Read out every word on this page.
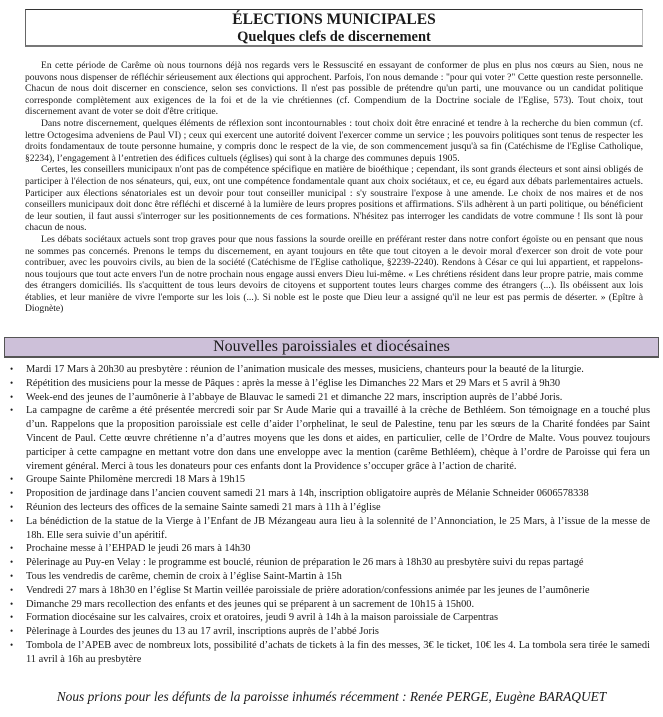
ÉLECTIONS MUNICIPALES
Quelques clefs de discernement

En cette période de Carême où nous tournons déjà nos regards vers le Ressuscité en essayant de conformer de plus en plus nos cœurs au Sien, nous ne pouvons nous dispenser de réfléchir sérieusement aux élections qui approchent. Parfois, l'on nous demande : "pour qui voter ?" Cette question reste personnelle. Chacun de nous doit discerner en conscience, selon ses convictions. Il n'est pas possible de prétendre qu'un parti, une mouvance ou un candidat politique corresponde complètement aux exigences de la foi et de la vie chrétiennes (cf. Compendium de la Doctrine sociale de l'Eglise, 573). Tout choix, tout discernement avant de voter se doit d'être critique.

Dans notre discernement, quelques éléments de réflexion sont incontournables : tout choix doit être enraciné et tendre à la recherche du bien commun (cf. lettre Octogesima adveniens de Paul VI) ; ceux qui exercent une autorité doivent l'exercer comme un service ; les pouvoirs politiques sont tenus de respecter les droits fondamentaux de toute personne humaine, y compris donc le respect de la vie, de son commencement jusqu'à sa fin (Catéchisme de l'Eglise Catholique, §2234), l’engagement à l’entretien des édifices cultuels (églises) qui sont à la charge des communes depuis 1905.

Certes, les conseillers municipaux n'ont pas de compétence spécifique en matière de bioéthique ; cependant, ils sont grands électeurs et sont ainsi obligés de participer à l'élection de nos sénateurs, qui, eux, ont une compétence fondamentale quant aux choix sociétaux, et ce, eu égard aux débats parlementaires actuels. Participer aux élections sénatoriales est un devoir pour tout conseiller municipal : s'y soustraire l'expose à une amende. Le choix de nos maires et de nos conseillers municipaux doit donc être réfléchi et discerné à la lumière de leurs propres positions et affirmations. S'ils adhèrent à un parti politique, ou bénéficient de leur soutien, il faut aussi s'interroger sur les positionnements de ces formations. N'hésitez pas interroger les candidats de votre commune ! Ils sont là pour chacun de nous.

Les débats sociétaux actuels sont trop graves pour que nous fassions la sourde oreille en préférant rester dans notre confort égoïste ou en pensant que nous ne sommes pas concernés. Prenons le temps du discernement, en ayant toujours en tête que tout citoyen a le devoir moral d'exercer son droit de vote pour contribuer, avec les pouvoirs civils, au bien de la société (Catéchisme de l'Eglise catholique, §2239-2240). Rendons à César ce qui lui appartient, et rappelons-nous toujours que tout acte envers l'un de notre prochain nous engage aussi envers Dieu lui-même. « Les chrétiens résident dans leur propre patrie, mais comme des étrangers domiciliés. Ils s'acquittent de tous leurs devoirs de citoyens et supportent toutes leurs charges comme des étrangers (...). Ils obéissent aux lois établies, et leur manière de vivre l'emporte sur les lois (...). Si noble est le poste que Dieu leur a assigné qu'il ne leur est pas permis de déserter. » (Epître à Diognète)

Nouvelles paroissiales et diocésaines
• Mardi 17 Mars à 20h30 au presbytère : réunion de l’animation musicale des messes, musiciens, chanteurs pour la beauté de la liturgie.
• Répétition des musiciens pour la messe de Pâques : après la messe à l’église les Dimanches 22 Mars et 29 Mars et 5 avril à 9h30
• Week-end des jeunes de l’aumônerie à l’abbaye de Blauvac le samedi 21 et dimanche 22 mars, inscription auprès de l’abbé Joris.
• La campagne de carême a été présentée mercredi soir par Sr Aude Marie qui a travaillé à la crèche de Bethléem. Son témoignage en a touché plus d’un. Rappelons que la proposition paroissiale est celle d’aider l’orphelinat, le seul de Palestine, tenu par les sœurs de la Charité fondées par Saint Vincent de Paul. Cette œuvre chrétienne n’a d’autres moyens que les dons et aides, en particulier, celle de l’Ordre de Malte. Vous pouvez toujours participer à cette campagne en mettant votre don dans une enveloppe avec la mention (carême Bethléem), chèque à l’ordre de Paroisse qui fera un virement général. Merci à tous les donateurs pour ces enfants dont la Providence s’occuper grâce à l’action de charité.
• Groupe Sainte Philomène mercredi 18 Mars à 19h15
• Proposition de jardinage dans l’ancien couvent samedi 21 mars à 14h, inscription obligatoire auprès de Mélanie Schneider 0606578338
• Réunion des lecteurs des offices de la semaine Sainte samedi 21 mars à 11h à l’église
• La bénédiction de la statue de la Vierge à l’Enfant de JB Mézangeau aura lieu à la solennité de l’Annonciation, le 25 Mars, à l’issue de la messe de 18h. Elle sera suivie d’un apéritif.
• Prochaine messe à l’EHPAD le jeudi 26 mars à 14h30
• Pèlerinage au Puy-en Velay : le programme est bouclé, réunion de préparation le 26 mars à 18h30 au presbytère suivi du repas partagé
• Tous les vendredis de carême, chemin de croix à l’église Saint-Martin à 15h
• Vendredi 27 mars à 18h30 en l’église St Martin veillée paroissiale de prière adoration/confessions animée par les jeunes de l’aumônerie
• Dimanche 29 mars recollection des enfants et des jeunes qui se préparent à un sacrement de 10h15 à 15h00.
• Formation diocésaine sur les calvaires, croix et oratoires, jeudi 9 avril à 14h à la maison paroissiale de Carpentras
• Pèlerinage à Lourdes des jeunes du 13 au 17 avril, inscriptions auprès de l’abbé Joris
• Tombola de l’APEB avec de nombreux lots, possibilité d’achats de tickets à la fin des messes, 3€ le ticket, 10€ les 4. La tombola sera tirée le samedi 11 avril à 16h au presbytère
Nous prions pour les défunts de la paroisse inhumés récemment : Renée PERGE, Eugène BARAQUET
